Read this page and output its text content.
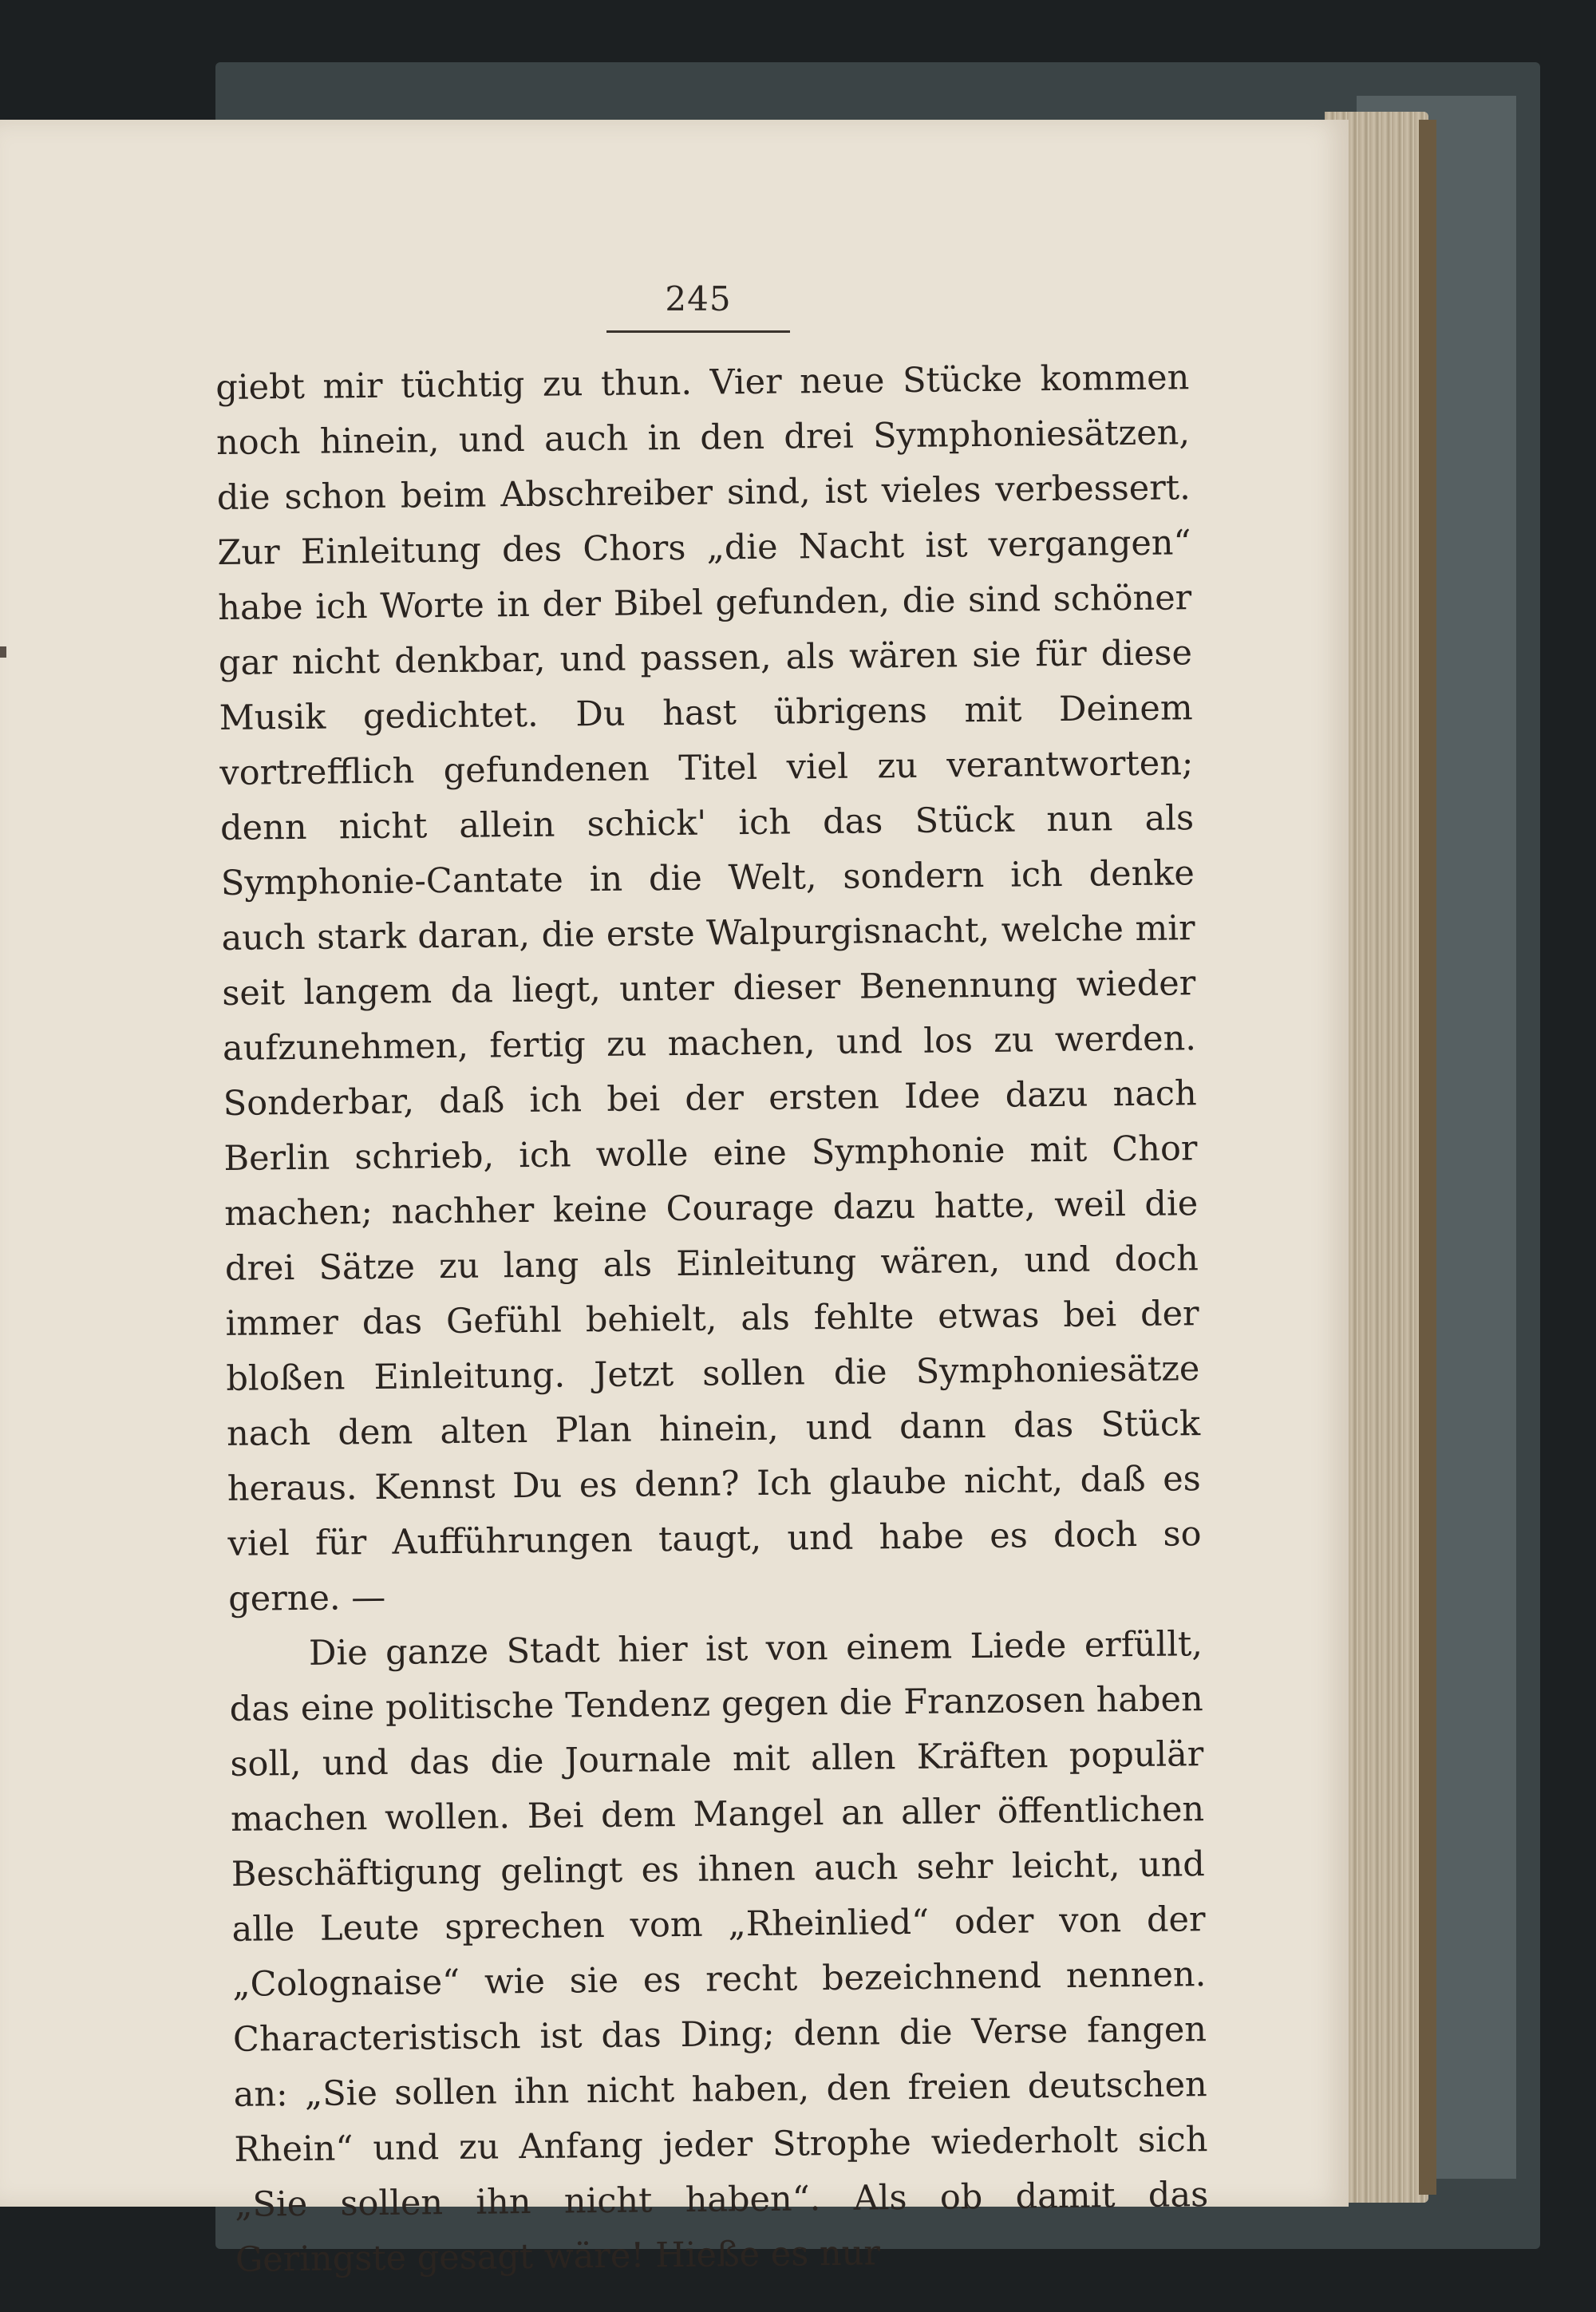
245

giebt mir tüchtig zu thun. Vier neue Stücke kommen noch hinein, und auch in den drei Symphoniesätzen, die schon beim Abschreiber sind, ist vieles verbessert. Zur Einleitung des Chors „die Nacht ist vergangen“ habe ich Worte in der Bibel gefunden, die sind schöner gar nicht denkbar, und passen, als wären sie für diese Musik gedichtet. Du hast übrigens mit Deinem vortrefflich gefundenen Titel viel zu verantworten; denn nicht allein schick' ich das Stück nun als Symphonie-Cantate in die Welt, sondern ich denke auch stark daran, die erste Walpurgisnacht, welche mir seit langem da liegt, unter dieser Benennung wieder aufzunehmen, fertig zu machen, und los zu werden. Sonderbar, daß ich bei der ersten Idee dazu nach Berlin schrieb, ich wolle eine Symphonie mit Chor machen; nachher keine Courage dazu hatte, weil die drei Sätze zu lang als Einleitung wären, und doch immer das Gefühl behielt, als fehlte etwas bei der bloßen Einleitung. Jetzt sollen die Symphoniesätze nach dem alten Plan hinein, und dann das Stück heraus. Kennst Du es denn? Ich glaube nicht, daß es viel für Aufführungen taugt, und habe es doch so gerne. —

Die ganze Stadt hier ist von einem Liede erfüllt, das eine politische Tendenz gegen die Franzosen haben soll, und das die Journale mit allen Kräften populär machen wollen. Bei dem Mangel an aller öffentlichen Beschäftigung gelingt es ihnen auch sehr leicht, und alle Leute sprechen vom „Rheinlied“ oder von der „Colognaise“ wie sie es recht bezeichnend nennen. Characteristisch ist das Ding; denn die Verse fangen an: „Sie sollen ihn nicht haben, den freien deutschen Rhein“ und zu Anfang jeder Strophe wiederholt sich „Sie sollen ihn nicht haben“. Als ob damit das Geringste gesagt wäre! Hieße es nur
